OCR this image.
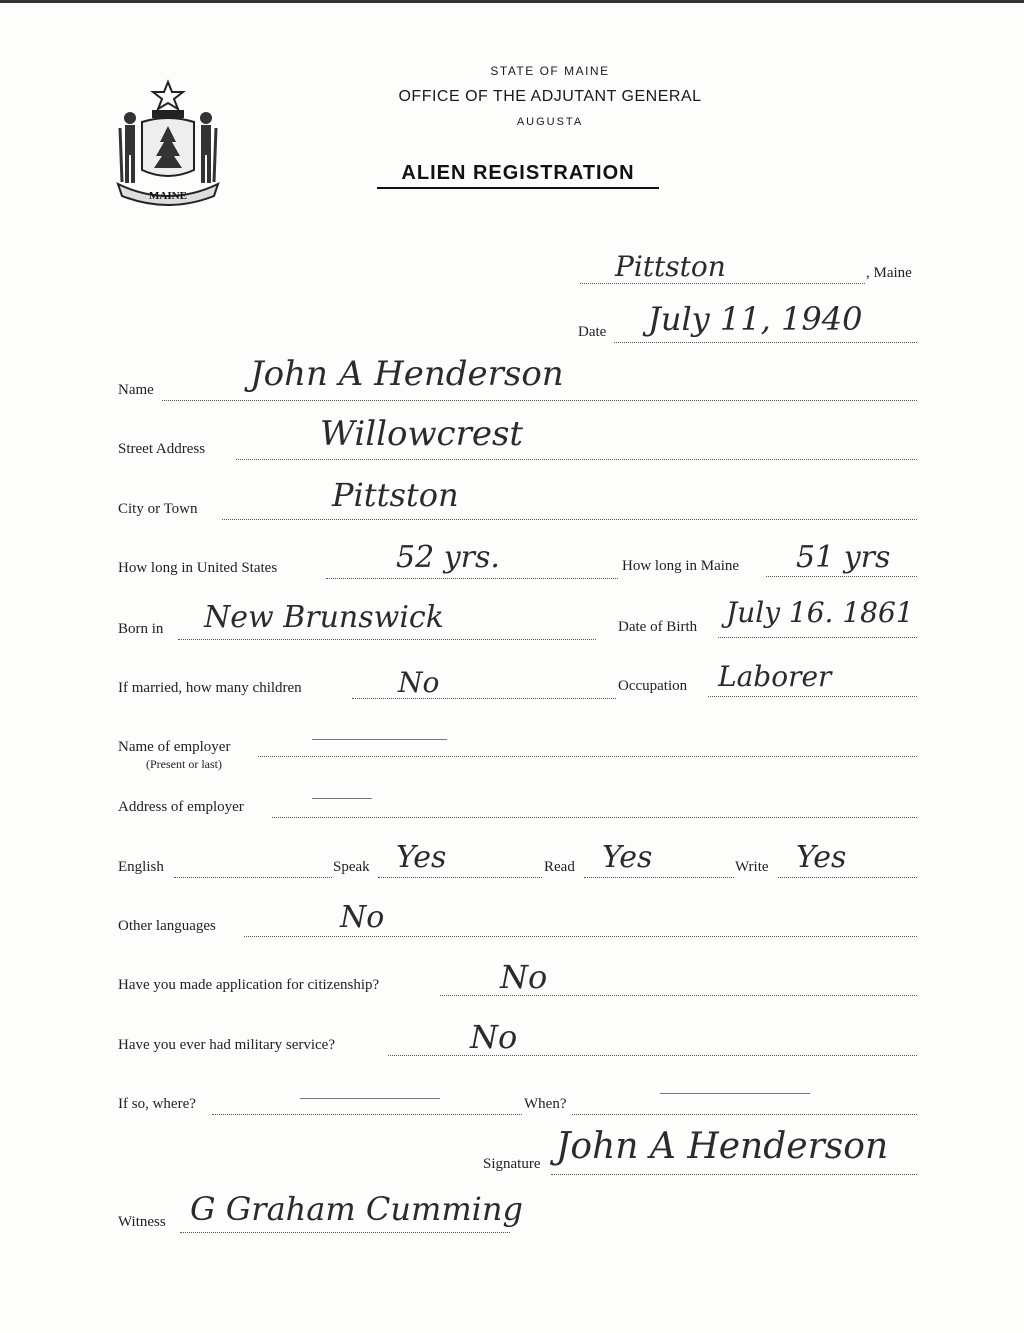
MAINE
STATE OF MAINE
OFFICE OF THE ADJUTANT GENERAL
AUGUSTA
ALIEN REGISTRATION
Pittston	, Maine
Date July 11, 1940
Name	John A Henderson
Street Address	Willowcrest
City or Town	Pittston
How long in United States	52 yrs.	How long in Maine 51 yrs
Born in New Brunswick	Date of Birth July 16. 1861
If married, how many children	No	Occupation Laborer
Name of employer
(Present or last)
Address of employer
English	Speak Yes	Read Yes	Write Yes
Other languages	No
Have you made application for citizenship?	No
Have you ever had military service?	No
If so, where?	When?
Signature John A Henderson
Witness G Graham Cumming
